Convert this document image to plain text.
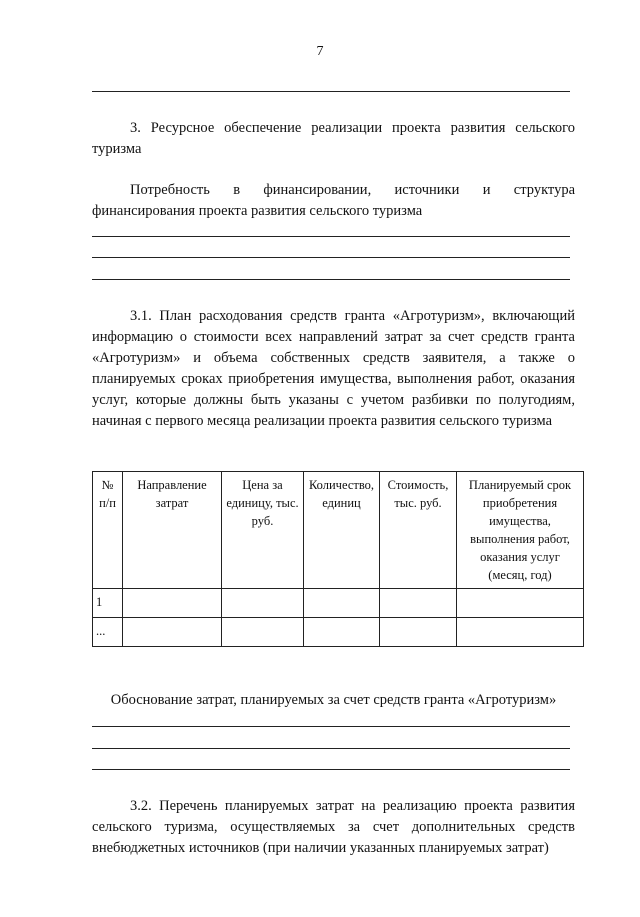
7

3. Ресурсное обеспечение реализации проекта развития сельского туризма

Потребность в финансировании, источники и структура

финансирования проекта развития сельского туризма

3.1. План расходования средств гранта «Агротуризм», включающий информацию о стоимости всех направлений затрат за счет средств гранта «Агротуризм» и объема собственных средств заявителя, а также о планируемых сроках приобретения имущества, выполнения работ, оказания услуг, которые должны быть указаны с учетом разбивки по полугодиям, начиная с первого месяца реализации проекта развития сельского туризма

№ п/п	Направление затрат	Цена за единицу, тыс. руб.	Количество, единиц	Стоимость, тыс. руб.	Планируемый срок приобретения имущества, выполнения работ, оказания услуг (месяц, год)
1					
...					

Обоснование затрат, планируемых за счет средств гранта «Агротуризм»

3.2. Перечень планируемых затрат на реализацию проекта развития сельского туризма, осуществляемых за счет дополнительных средств внебюджетных источников (при наличии указанных планируемых затрат)
